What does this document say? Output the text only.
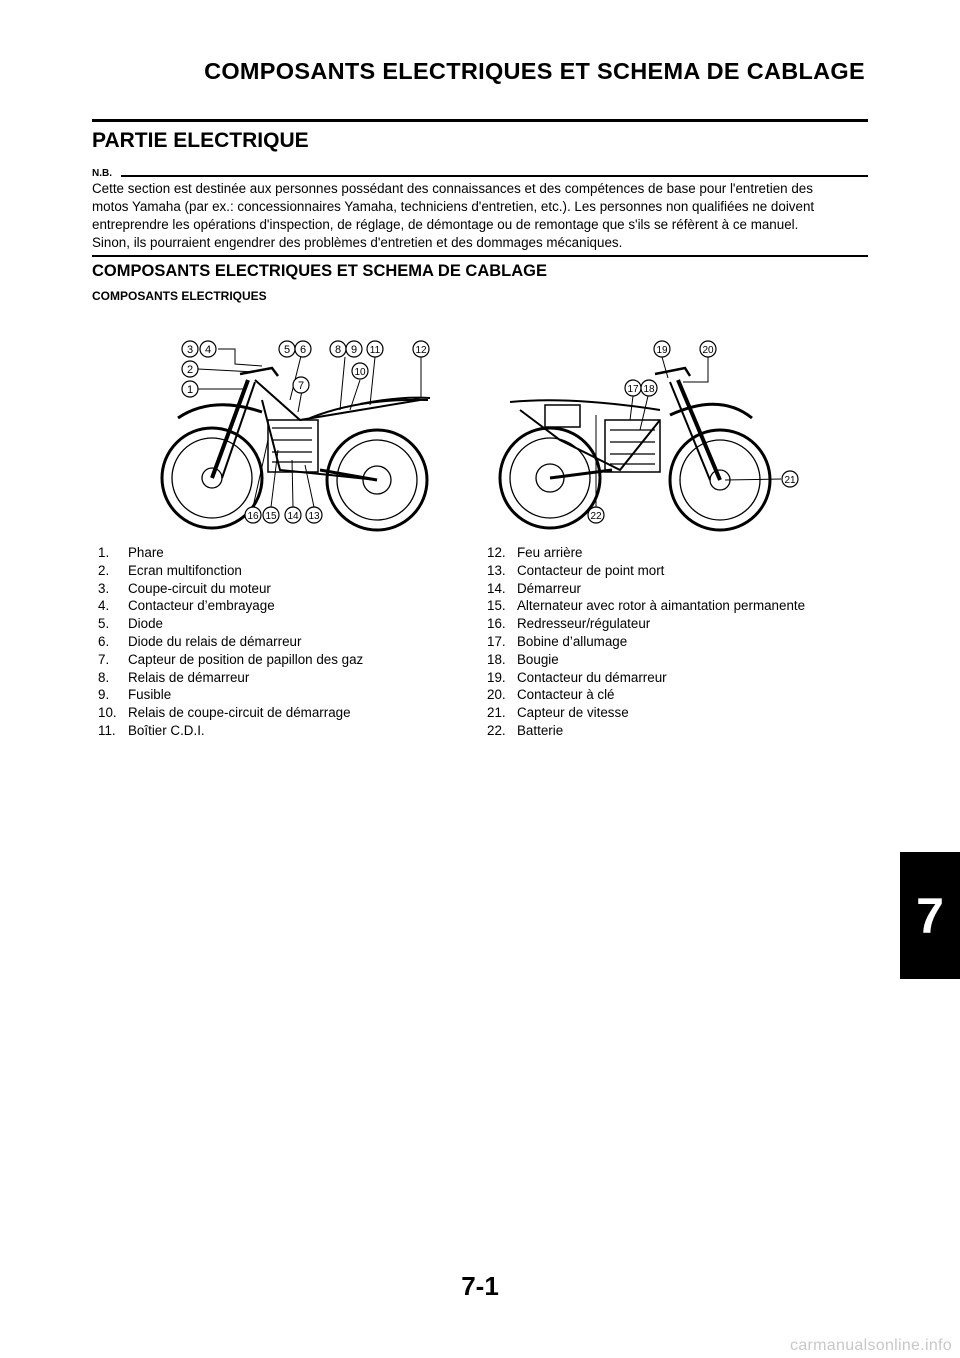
COMPOSANTS ELECTRIQUES ET SCHEMA DE CABLAGE
PARTIE ELECTRIQUE
N.B.

Cette section est destinée aux personnes possédant des connaissances et des compétences de base pour l'entretien des

motos Yamaha (par ex.: concessionnaires Yamaha, techniciens d'entretien, etc.). Les personnes non qualifiées ne doivent

entreprendre les opérations d'inspection, de réglage, de démontage ou de remontage que s'ils se réfèrent à ce manuel.

Sinon, ils pourraient engendrer des problèmes d'entretien et des dommages mécaniques.

COMPOSANTS ELECTRIQUES ET SCHEMA DE CABLAGE
COMPOSANTS ELECTRIQUES
3 4
2
1
5 6
7
8 9
10
11	12
16 15 14 13
19	20
17 18
21
22
1.	Phare
2.	Ecran multifonction
3.	Coupe-circuit du moteur
4.	Contacteur d’embrayage
5.	Diode
6.	Diode du relais de démarreur
7.	Capteur de position de papillon des gaz
8.	Relais de démarreur
9.	Fusible
10. Relais de coupe-circuit de démarrage
11. Boîtier C.D.I.
12. Feu arrière
13. Contacteur de point mort
14. Démarreur
15. Alternateur avec rotor à aimantation permanente
16. Redresseur/régulateur
17. Bobine d’allumage
18. Bougie
19. Contacteur du démarreur
20. Contacteur à clé
21. Capteur de vitesse
22. Batterie
7
7-1
carmanualsonline.info
